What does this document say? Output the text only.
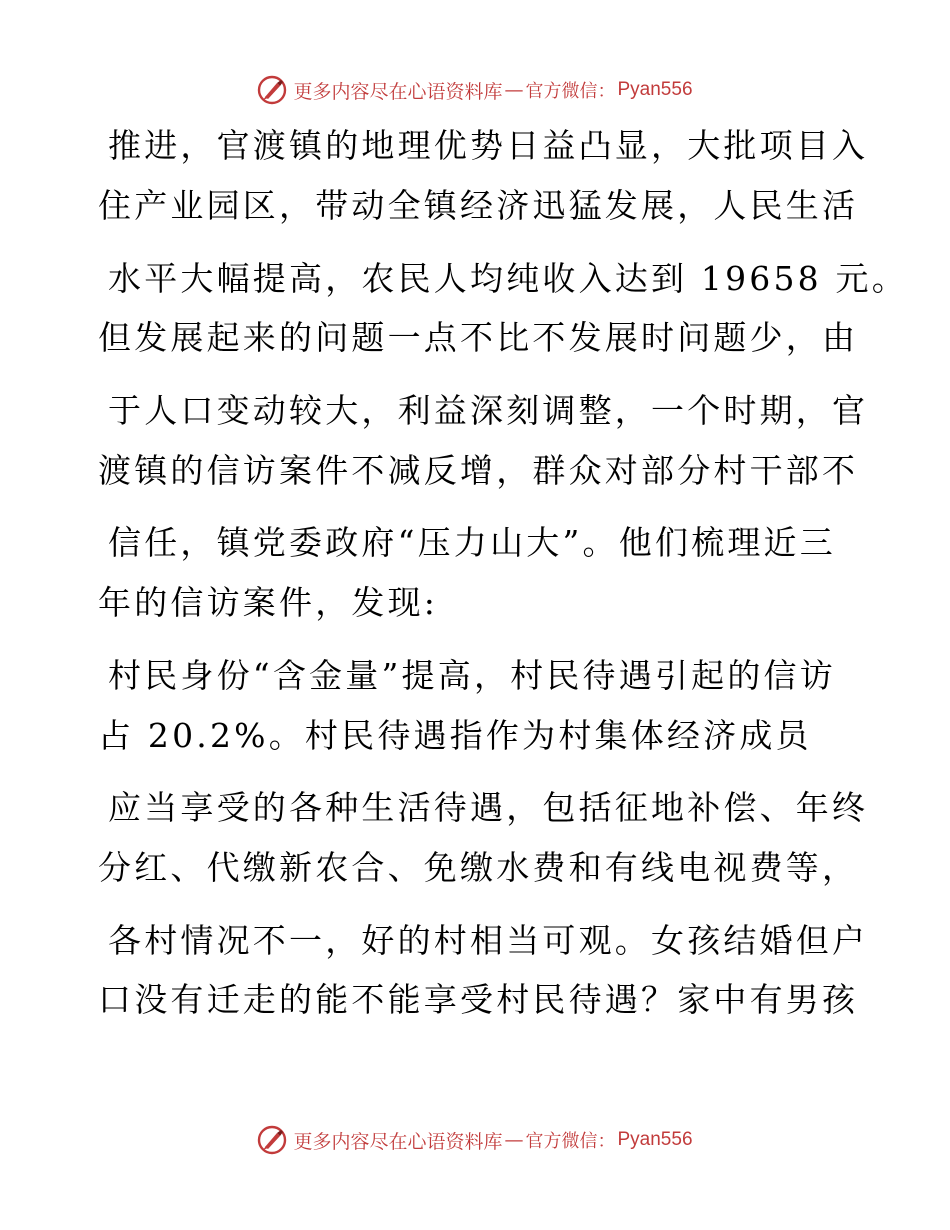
更多内容尽在心语资料库 — 官方微信： Pyan556
推进，官渡镇的地理优势日益凸显，大批项目入
住产业园区，带动全镇经济迅猛发展，人民生活
水平大幅提高，农民人均纯收入达到 19658 元。
但发展起来的问题一点不比不发展时问题少，由
于人口变动较大，利益深刻调整，一个时期，官
渡镇的信访案件不减反增，群众对部分村干部不
信任，镇党委政府“压力山大”。他们梳理近三
年的信访案件，发现:
村民身份“含金量”提高，村民待遇引起的信访
占 20.2%。村民待遇指作为村集体经济成员
应当享受的各种生活待遇，包括征地补偿、年终
分红、代缴新农合、免缴水费和有线电视费等，
各村情况不一，好的村相当可观。女孩结婚但户
口没有迁走的能不能享受村民待遇？家中有男孩
更多内容尽在心语资料库 — 官方微信： Pyan556
